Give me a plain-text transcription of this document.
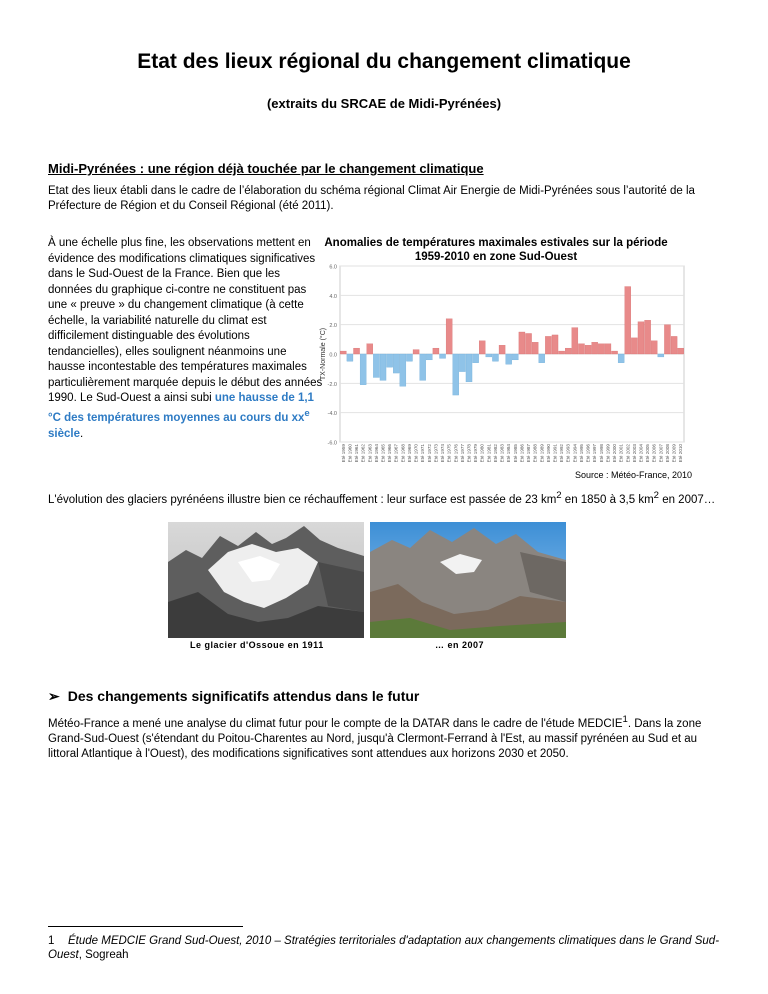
Etat des lieux régional du changement climatique

(extraits du SRCAE de Midi-Pyrénées)

Midi-Pyrénées : une région déjà touchée par le changement climatique

Etat des lieux établi dans le cadre de l’élaboration du schéma régional Climat Air Energie de Midi-Pyrénées sous l’autorité de la Préfecture de Région et du Conseil Régional (été 2011).

À une échelle plus fine, les observations mettent en évidence des modifications climatiques significatives dans le Sud-Ouest de la France. Bien que les données du graphique ci-contre ne constituent pas une « preuve » du changement climatique (à cette échelle, la variabilité naturelle du climat est difficilement distinguable des évolutions tendancielles), elles soulignent néanmoins une hausse incontestable des températures maximales particulièrement marquée depuis le début des années 1990. Le Sud-Ouest a ainsi subi une hausse de 1,1 °C des températures moyennes au cours du $xx^e$ siècle.

Anomalies de températures maximales estivales sur la période 1959-2010 en zone Sud-Ouest

6.0
4.0
2.0
0.0
-2.0
-4.0
-6.0
TX-Normale (°C)
Eté 1959 Eté 1960 Eté 1961 Eté 1962 Eté 1963 Eté 1964 Eté 1965 Eté 1966 Eté 1967 Eté 1968 Eté 1969 Eté 1970 Eté 1971 Eté 1972 Eté 1973 Eté 1974 Eté 1975 Eté 1976 Eté 1977 Eté 1978 Eté 1979 Eté 1980 Eté 1981 Eté 1982 Eté 1983 Eté 1984 Eté 1985 Eté 1986 Eté 1987 Eté 1988 Eté 1989 Eté 1990 Eté 1991 Eté 1992 Eté 1993 Eté 1994 Eté 1995 Eté 1996 Eté 1997 Eté 1998 Eté 1999 Eté 2000 Eté 2001 Eté 2002 Eté 2003 Eté 2004 Eté 2005 Eté 2006 Eté 2007 Eté 2008 Eté 2009 Eté 2010
Source : Météo-France, 2010

L'évolution des glaciers pyrénéens illustre bien ce réchauffement : leur surface est passée de 23 $km^2$ en 1850 à 3,5 $km^2$ en 2007…

Le glacier d'Ossoue en 1911	… en 2007
➢ Des changements significatifs attendus dans le futur

Météo-France a mené une analyse du climat futur pour le compte de la DATAR dans le cadre de l'étude MEDCIE$^1$. Dans la zone Grand-Sud-Ouest (s'étendant du Poitou-Charentes au Nord, jusqu'à Clermont-Ferrand à l'Est, au massif pyrénéen au Sud et au littoral Atlantique à l'Ouest), des modifications significatives sont attendues aux horizons 2030 et 2050.

1 Étude MEDCIE Grand Sud-Ouest, 2010 – Stratégies territoriales d'adaptation aux changements climatiques dans le Grand Sud-Ouest, Sogreah
